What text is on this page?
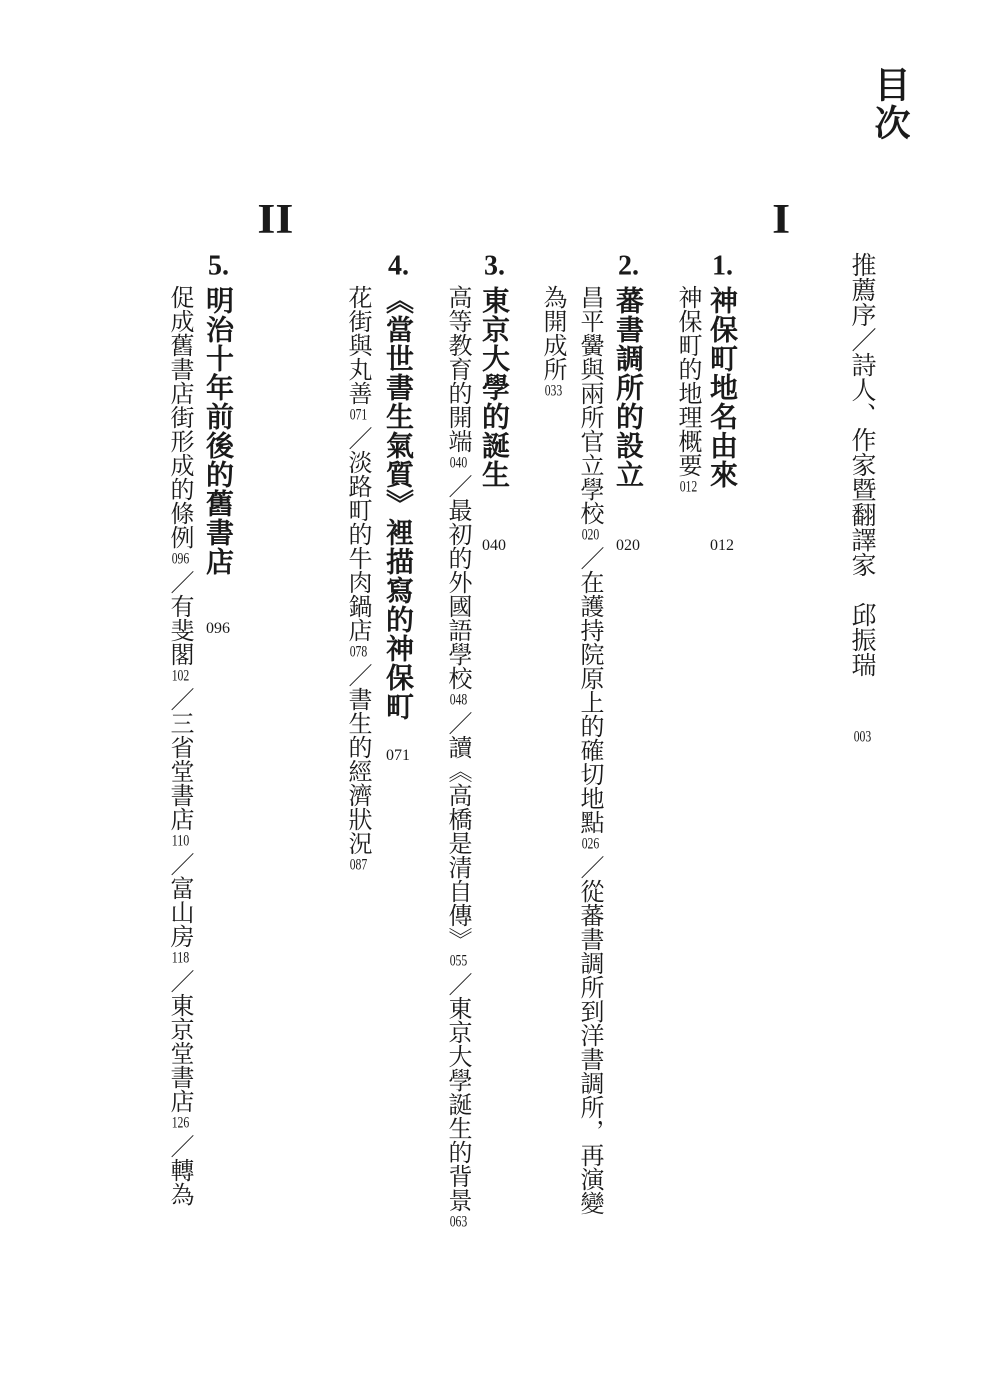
目次
I
II
推薦序／詩人、作家暨翻譯家　邱振瑞003
1.神保町地名由來
012
神保町的地理概要012
2.蕃書調所的設立
020
昌平黌與兩所官立學校020／在護持院原上的確切地點026／從蕃書調所到洋書調所，再演變
為開成所033
3.東京大學的誕生
040
高等教育的開端040／最初的外國語學校048／讀《高橋是清自傳》055／東京大學誕生的背景063
4.《當世書生氣質》裡描寫的神保町
071
花街與丸善071／淡路町的牛肉鍋店078／書生的經濟狀況087
5.明治十年前後的舊書店
096
促成舊書店街形成的條例096／有斐閣102／三省堂書店110／富山房118／東京堂書店126／轉為
